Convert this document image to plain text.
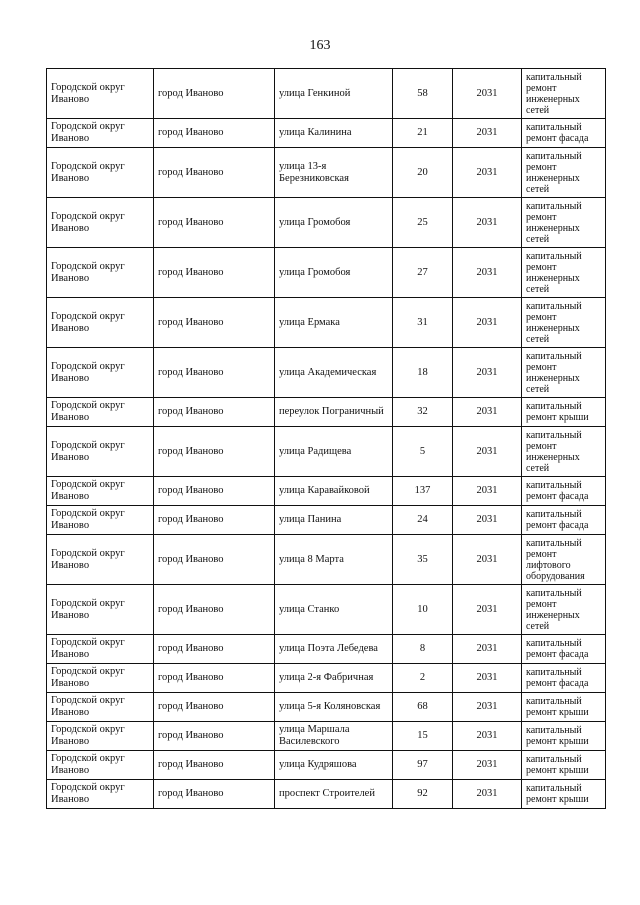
163
Городской округ Иваново	город Иваново	улица Генкиной	58	2031	капитальный ремонт инженерных сетей
Городской округ Иваново	город Иваново	улица Калинина	21	2031	капитальный ремонт фасада
Городской округ Иваново	город Иваново	улица 13-я Березниковская	20	2031	капитальный ремонт инженерных сетей
Городской округ Иваново	город Иваново	улица Громобоя	25	2031	капитальный ремонт инженерных сетей
Городской округ Иваново	город Иваново	улица Громобоя	27	2031	капитальный ремонт инженерных сетей
Городской округ Иваново	город Иваново	улица Ермака	31	2031	капитальный ремонт инженерных сетей
Городской округ Иваново	город Иваново	улица Академическая	18	2031	капитальный ремонт инженерных сетей
Городской округ Иваново	город Иваново	переулок Пограничный	32	2031	капитальный ремонт крыши
Городской округ Иваново	город Иваново	улица Радищева	5	2031	капитальный ремонт инженерных сетей
Городской округ Иваново	город Иваново	улица Каравайковой	137	2031	капитальный ремонт фасада
Городской округ Иваново	город Иваново	улица Панина	24	2031	капитальный ремонт фасада
Городской округ Иваново	город Иваново	улица 8 Марта	35	2031	капитальный ремонт лифтового оборудования
Городской округ Иваново	город Иваново	улица Станко	10	2031	капитальный ремонт инженерных сетей
Городской округ Иваново	город Иваново	улица Поэта Лебедева	8	2031	капитальный ремонт фасада
Городской округ Иваново	город Иваново	улица 2-я Фабричная	2	2031	капитальный ремонт фасада
Городской округ Иваново	город Иваново	улица 5-я Коляновская	68	2031	капитальный ремонт крыши
Городской округ Иваново	город Иваново	улица Маршала Василевского	15	2031	капитальный ремонт крыши
Городской округ Иваново	город Иваново	улица Кудряшова	97	2031	капитальный ремонт крыши
Городской округ Иваново	город Иваново	проспект Строителей	92	2031	капитальный ремонт крыши
